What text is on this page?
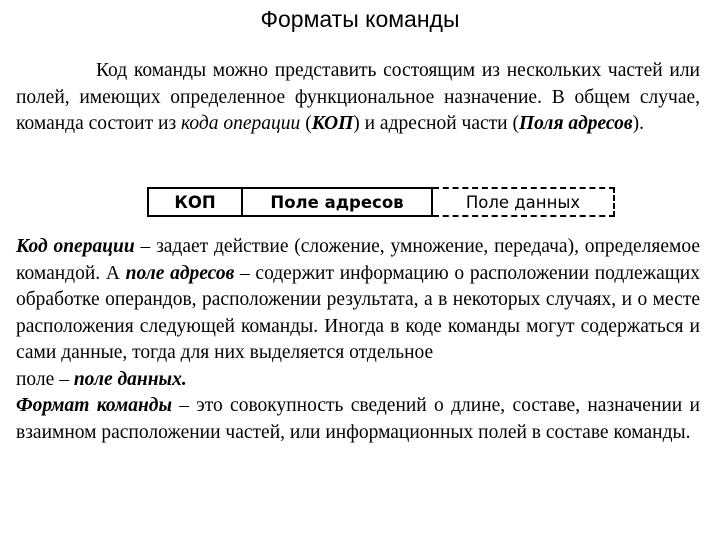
Форматы команды
Код команды можно представить состоящим из нескольких частей или полей, имеющих определенное функциональное назначение. В общем случае, команда состоит из кода операции (КОП) и адресной части (Поля адресов).
КОП	Поле адресов	Поле данных
Код операции – задает действие (сложение, умножение, передача), определяемое командой. А поле адресов – содержит информацию о расположении подлежащих обработке операндов, расположении результата, а в некоторых случаях, и о месте расположения следующей команды. Иногда в коде команды могут содержаться и сами данные, тогда для них выделяется отдельное
поле – поле данных.
Формат команды – это совокупность сведений о длине, составе, назначении и взаимном расположении частей, или информационных полей в составе команды.
